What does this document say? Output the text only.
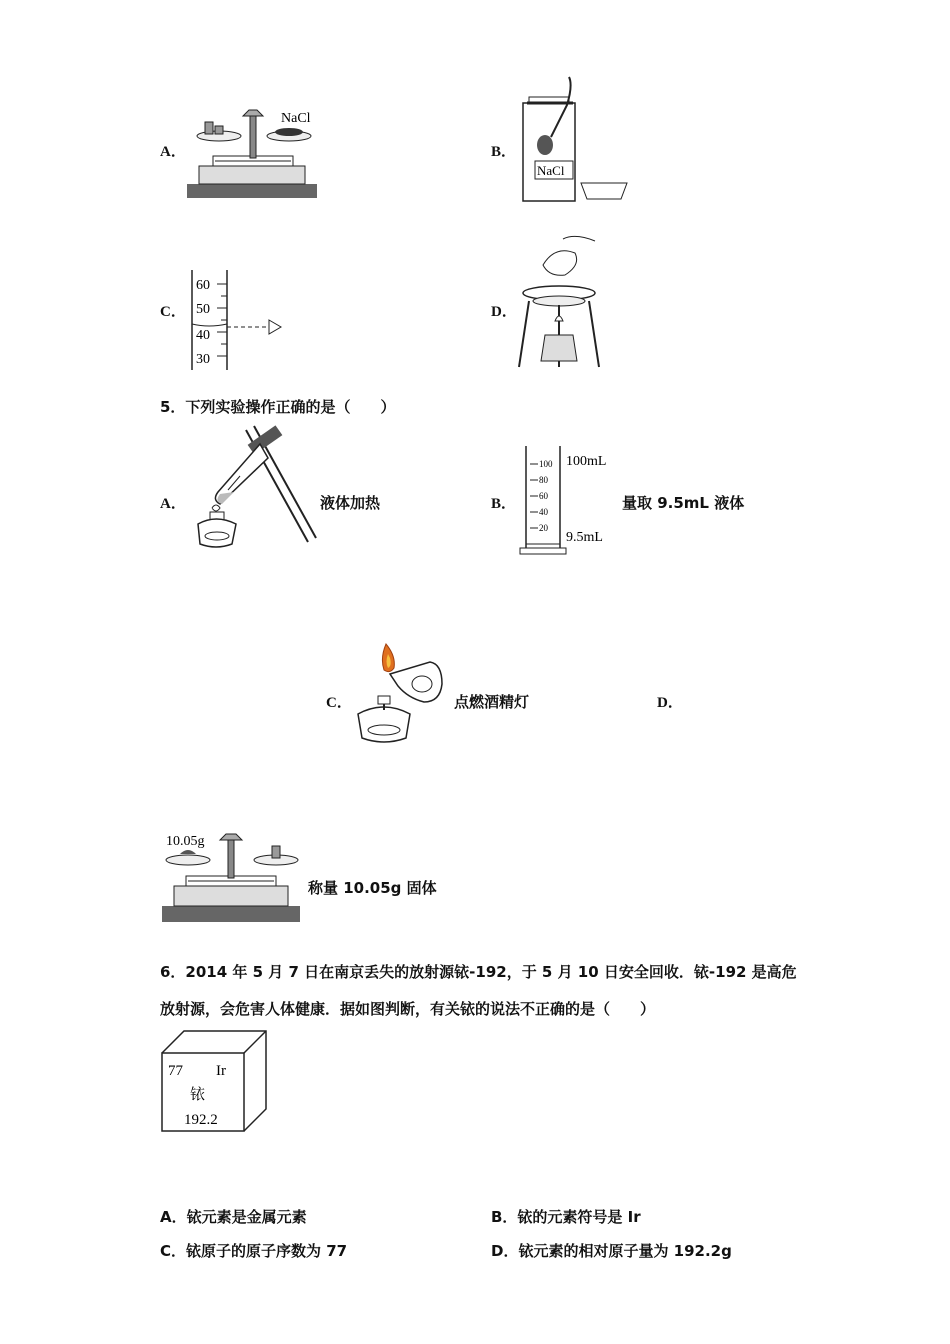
A．
NaCl
B．
NaCl
C．
60
50
40
30
D．
5．下列实验操作正确的是（　　）
A．	液体加热	B．
100
80
60
40
20
100mL
9.5mL
量取 9.5mL 液体
C．	点燃酒精灯	D．
10.05g
称量 10.05g 固体
6．2014 年 5 月 7 日在南京丢失的放射源铱-192，于 5 月 10 日安全回收．铱-192 是高危
放射源，会危害人体健康．据如图判断，有关铱的说法不正确的是（　　）
77 Ir
铱
192.2
A．铱元素是金属元素	B．铱的元素符号是 Ir
C．铱原子的原子序数为 77	D．铱元素的相对原子量为 192.2g
